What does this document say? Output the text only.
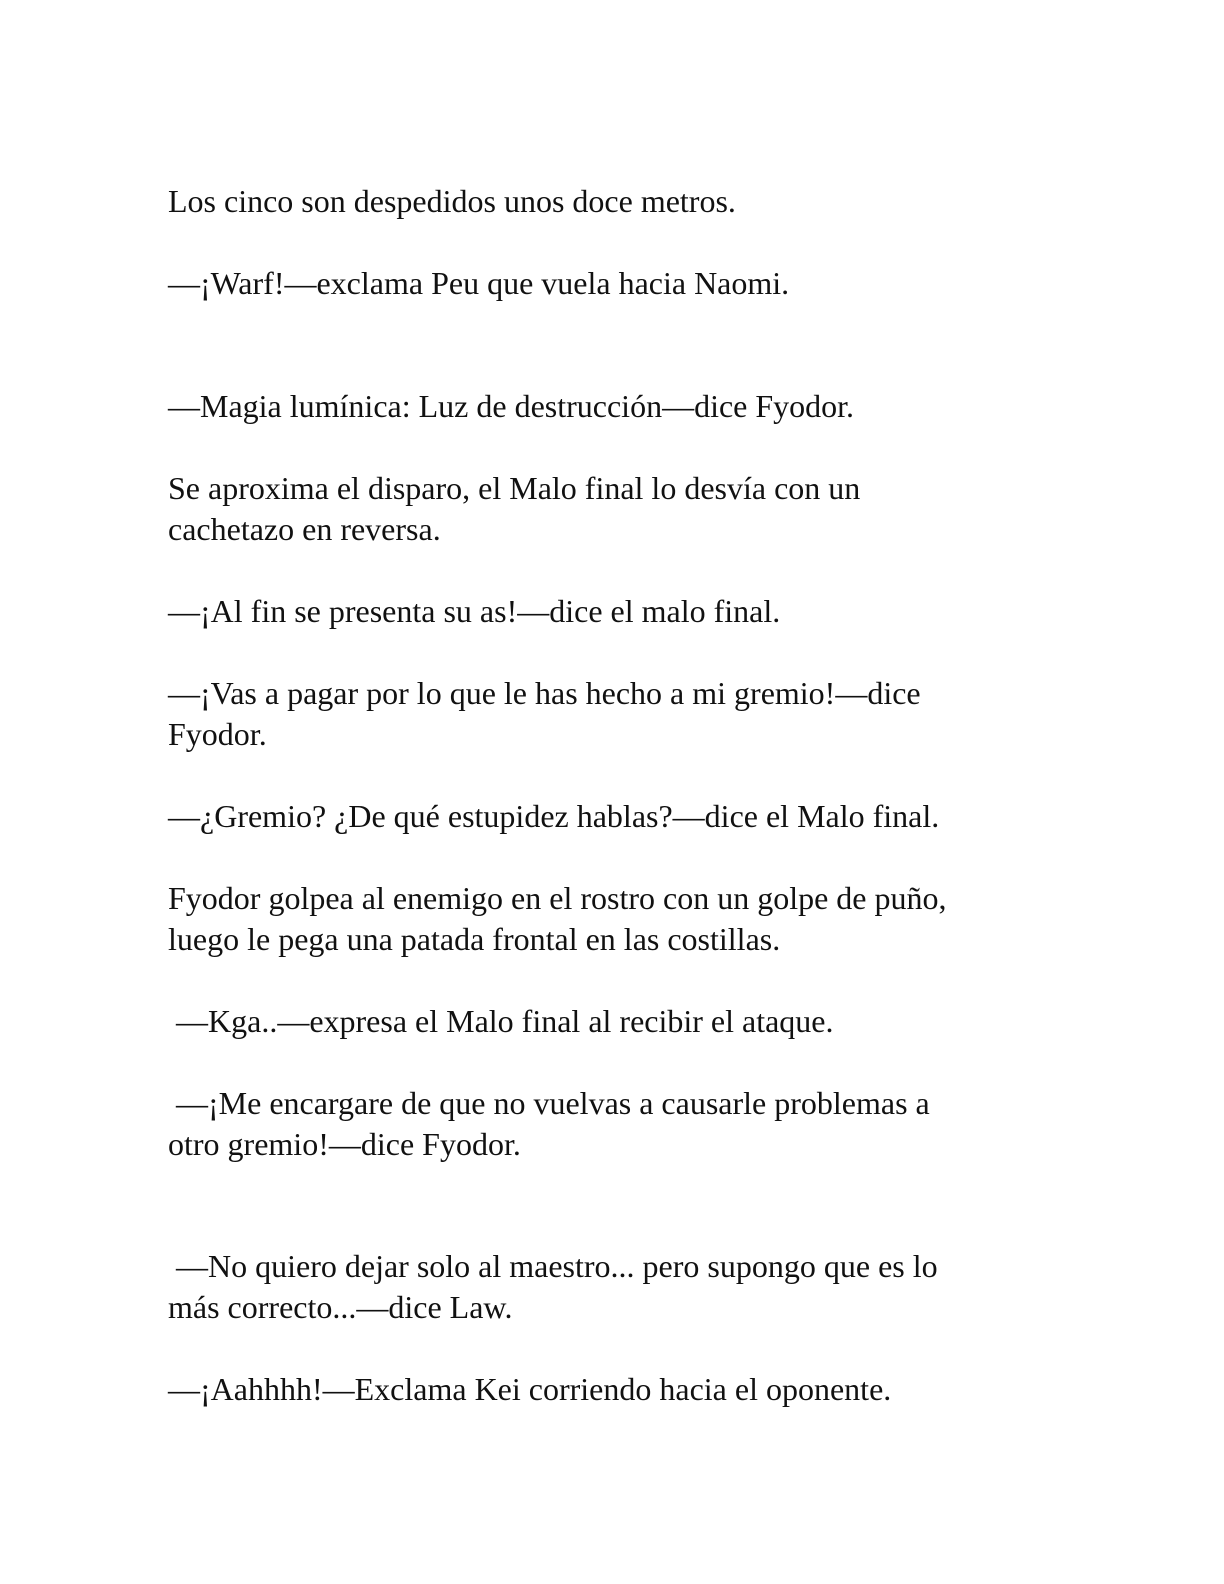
Los cinco son despedidos unos doce metros.

—¡Warf!—exclama Peu que vuela hacia Naomi.

—Magia lumínica: Luz de destrucción—dice Fyodor.

Se aproxima el disparo, el Malo final lo desvía con un
cachetazo en reversa.

—¡Al fin se presenta su as!—dice el malo final.

—¡Vas a pagar por lo que le has hecho a mi gremio!—dice
Fyodor.

—¿Gremio? ¿De qué estupidez hablas?—dice el Malo final.

Fyodor golpea al enemigo en el rostro con un golpe de puño,
luego le pega una patada frontal en las costillas.

—Kga..—expresa el Malo final al recibir el ataque.

—¡Me encargare de que no vuelvas a causarle problemas a
otro gremio!—dice Fyodor.

—No quiero dejar solo al maestro... pero supongo que es lo
más correcto...—dice Law.

—¡Aahhhh!—Exclama Kei corriendo hacia el oponente.
